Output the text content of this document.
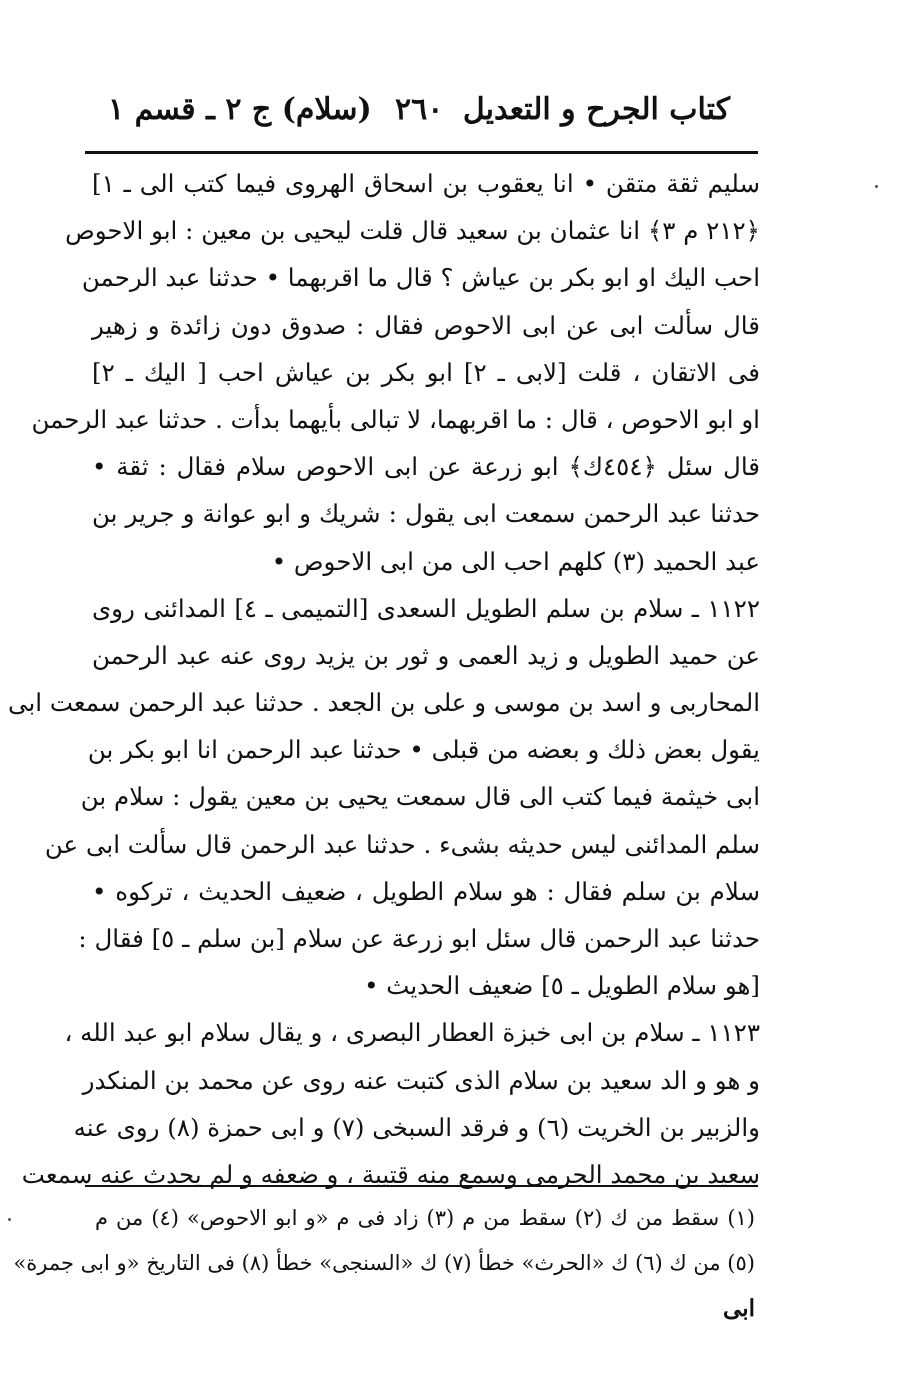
كتاب الجرح و التعديل
٢٦٠
(سلام) ج ٢ ـ قسم ١
سليم ثقة متقن • انا يعقوب بن اسحاق الهروى فيما كتب الى ـ ١]
﴿٢١٢ م ٣﴾ انا عثمان بن سعيد قال قلت ليحيى بن معين : ابو الاحوص
احب اليك او ابو بكر بن عياش ؟ قال ما اقربهما • حدثنا عبد الرحمن
قال سألت ابى عن ابى الاحوص فقال : صدوق دون زائدة و زهير
فى الاتقان ، قلت [لابى ـ ٢] ابو بكر بن عياش احب [ اليك ـ ٢]
او ابو الاحوص ، قال : ما اقربهما، لا تبالى بأيهما بدأت . حدثنا عبد الرحمن
قال سئل ﴿٤٥٤ك﴾ ابو زرعة عن ابى الاحوص سلام فقال : ثقة •
حدثنا عبد الرحمن سمعت ابى يقول : شريك و ابو عوانة و جرير بن
عبد الحميد (٣) كلهم احب الى من ابى الاحوص •
١١٢٢ ـ سلام بن سلم الطويل السعدى [التميمى ـ ٤] المدائنى روى
عن حميد الطويل و زيد العمى و ثور بن يزيد روى عنه عبد الرحمن
المحاربى و اسد بن موسى و على بن الجعد . حدثنا عبد الرحمن سمعت ابى
يقول بعض ذلك و بعضه من قبلى • حدثنا عبد الرحمن انا ابو بكر بن
ابى خيثمة فيما كتب الى قال سمعت يحيى بن معين يقول : سلام بن
سلم المدائنى ليس حديثه بشىء . حدثنا عبد الرحمن قال سألت ابى عن
سلام بن سلم فقال : هو سلام الطويل ، ضعيف الحديث ، تركوه •
حدثنا عبد الرحمن قال سئل ابو زرعة عن سلام [بن سلم ـ ٥] فقال :
[هو سلام الطويل ـ ٥] ضعيف الحديث •
١١٢٣ ـ سلام بن ابى خبزة العطار البصرى ، و يقال سلام ابو عبد الله ،
و هو و الد سعيد بن سلام الذى كتبت عنه روى عن محمد بن المنكدر
والزبير بن الخريت (٦) و فرقد السبخى (٧) و ابى حمزة (٨) روى عنه
سعيد بن محمد الجرمى وسمع منه قتيبة ، و ضعفه و لم يحدث عنه سمعت
(١) سقط من ك (٢) سقط من م (٣) زاد فى م «و ابو الاحوص» (٤) من م
(٥) من ك (٦) ك «الحرث» خطأ (٧) ك «السنجى» خطأ (٨) فى التاريخ «و ابى جمرة»
ابى
